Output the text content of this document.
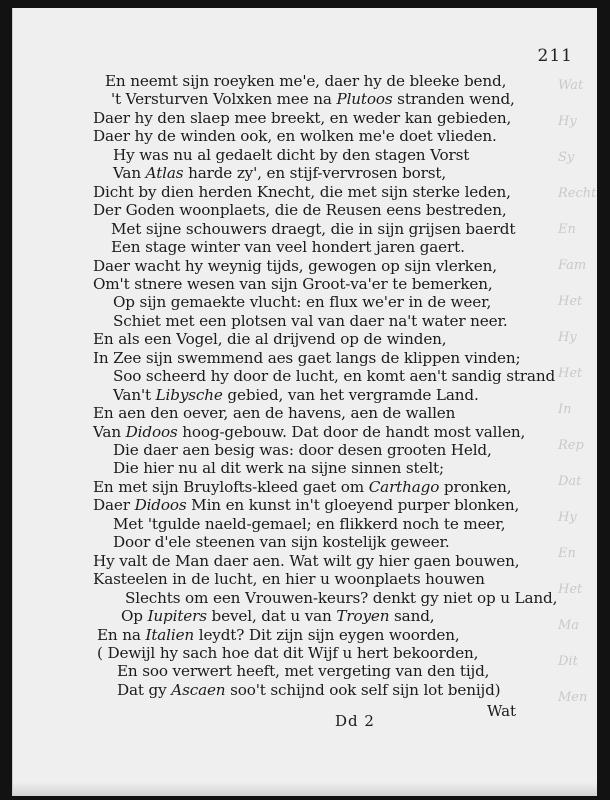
Wat
Hy
Sy
Recht
En
Fam
Het
Hy
Het
In
Rep
Dat
Hy
En
Het
Ma
Dit
Men
211
En neemt sijn roeyken me'e, daer hy de bleeke bend,
't Versturven Volxken mee na Plutoos stranden wend,
Daer hy den slaep mee breekt, en weder kan gebieden,
Daer hy de winden ook, en wolken me'e doet vlieden.
Hy was nu al gedaelt dicht by den stagen Vorst
Van Atlas harde zy', en stijf-vervrosen borst,
Dicht by dien herden Knecht, die met sijn sterke leden,
Der Goden woonplaets, die de Reusen eens bestreden,
Met sijne schouwers draegt, die in sijn grijsen baerdt
Een stage winter van veel hondert jaren gaert.
Daer wacht hy weynig tijds, gewogen op sijn vlerken,
Om't stnere wesen van sijn Groot-va'er te bemerken,
Op sijn gemaekte vlucht: en flux we'er in de weer,
Schiet met een plotsen val van daer na't water neer.
En als een Vogel, die al drijvend op de winden,
In Zee sijn swemmend aes gaet langs de klippen vinden;
Soo scheerd hy door de lucht, en komt aen't sandig strand
Van't Libysche gebied, van het vergramde Land.
En aen den oever, aen de havens, aen de wallen
Van Didoos hoog-gebouw. Dat door de handt most vallen,
Die daer aen besig was: door desen grooten Held,
Die hier nu al dit werk na sijne sinnen stelt;
En met sijn Bruylofts-kleed gaet om Carthago pronken,
Daer Didoos Min en kunst in't gloeyend purper blonken,
Met 'tgulde naeld-gemael; en flikkerd noch te meer,
Door d'ele steenen van sijn kostelijk geweer.
Hy valt de Man daer aen. Wat wilt gy hier gaen bouwen,
Kasteelen in de lucht, en hier u woonplaets houwen
Slechts om een Vrouwen-keurs? denkt gy niet op u Land,
Op Iupiters bevel, dat u van Troyen sand,
En na Italien leydt? Dit zijn sijn eygen woorden,
( Dewijl hy sach hoe dat dit Wijf u hert bekoorden,
En soo verwert heeft, met vergeting van den tijd,
Dat gy Ascaen soo't schijnd ook self sijn lot benijd)
Dd 2
Wat
